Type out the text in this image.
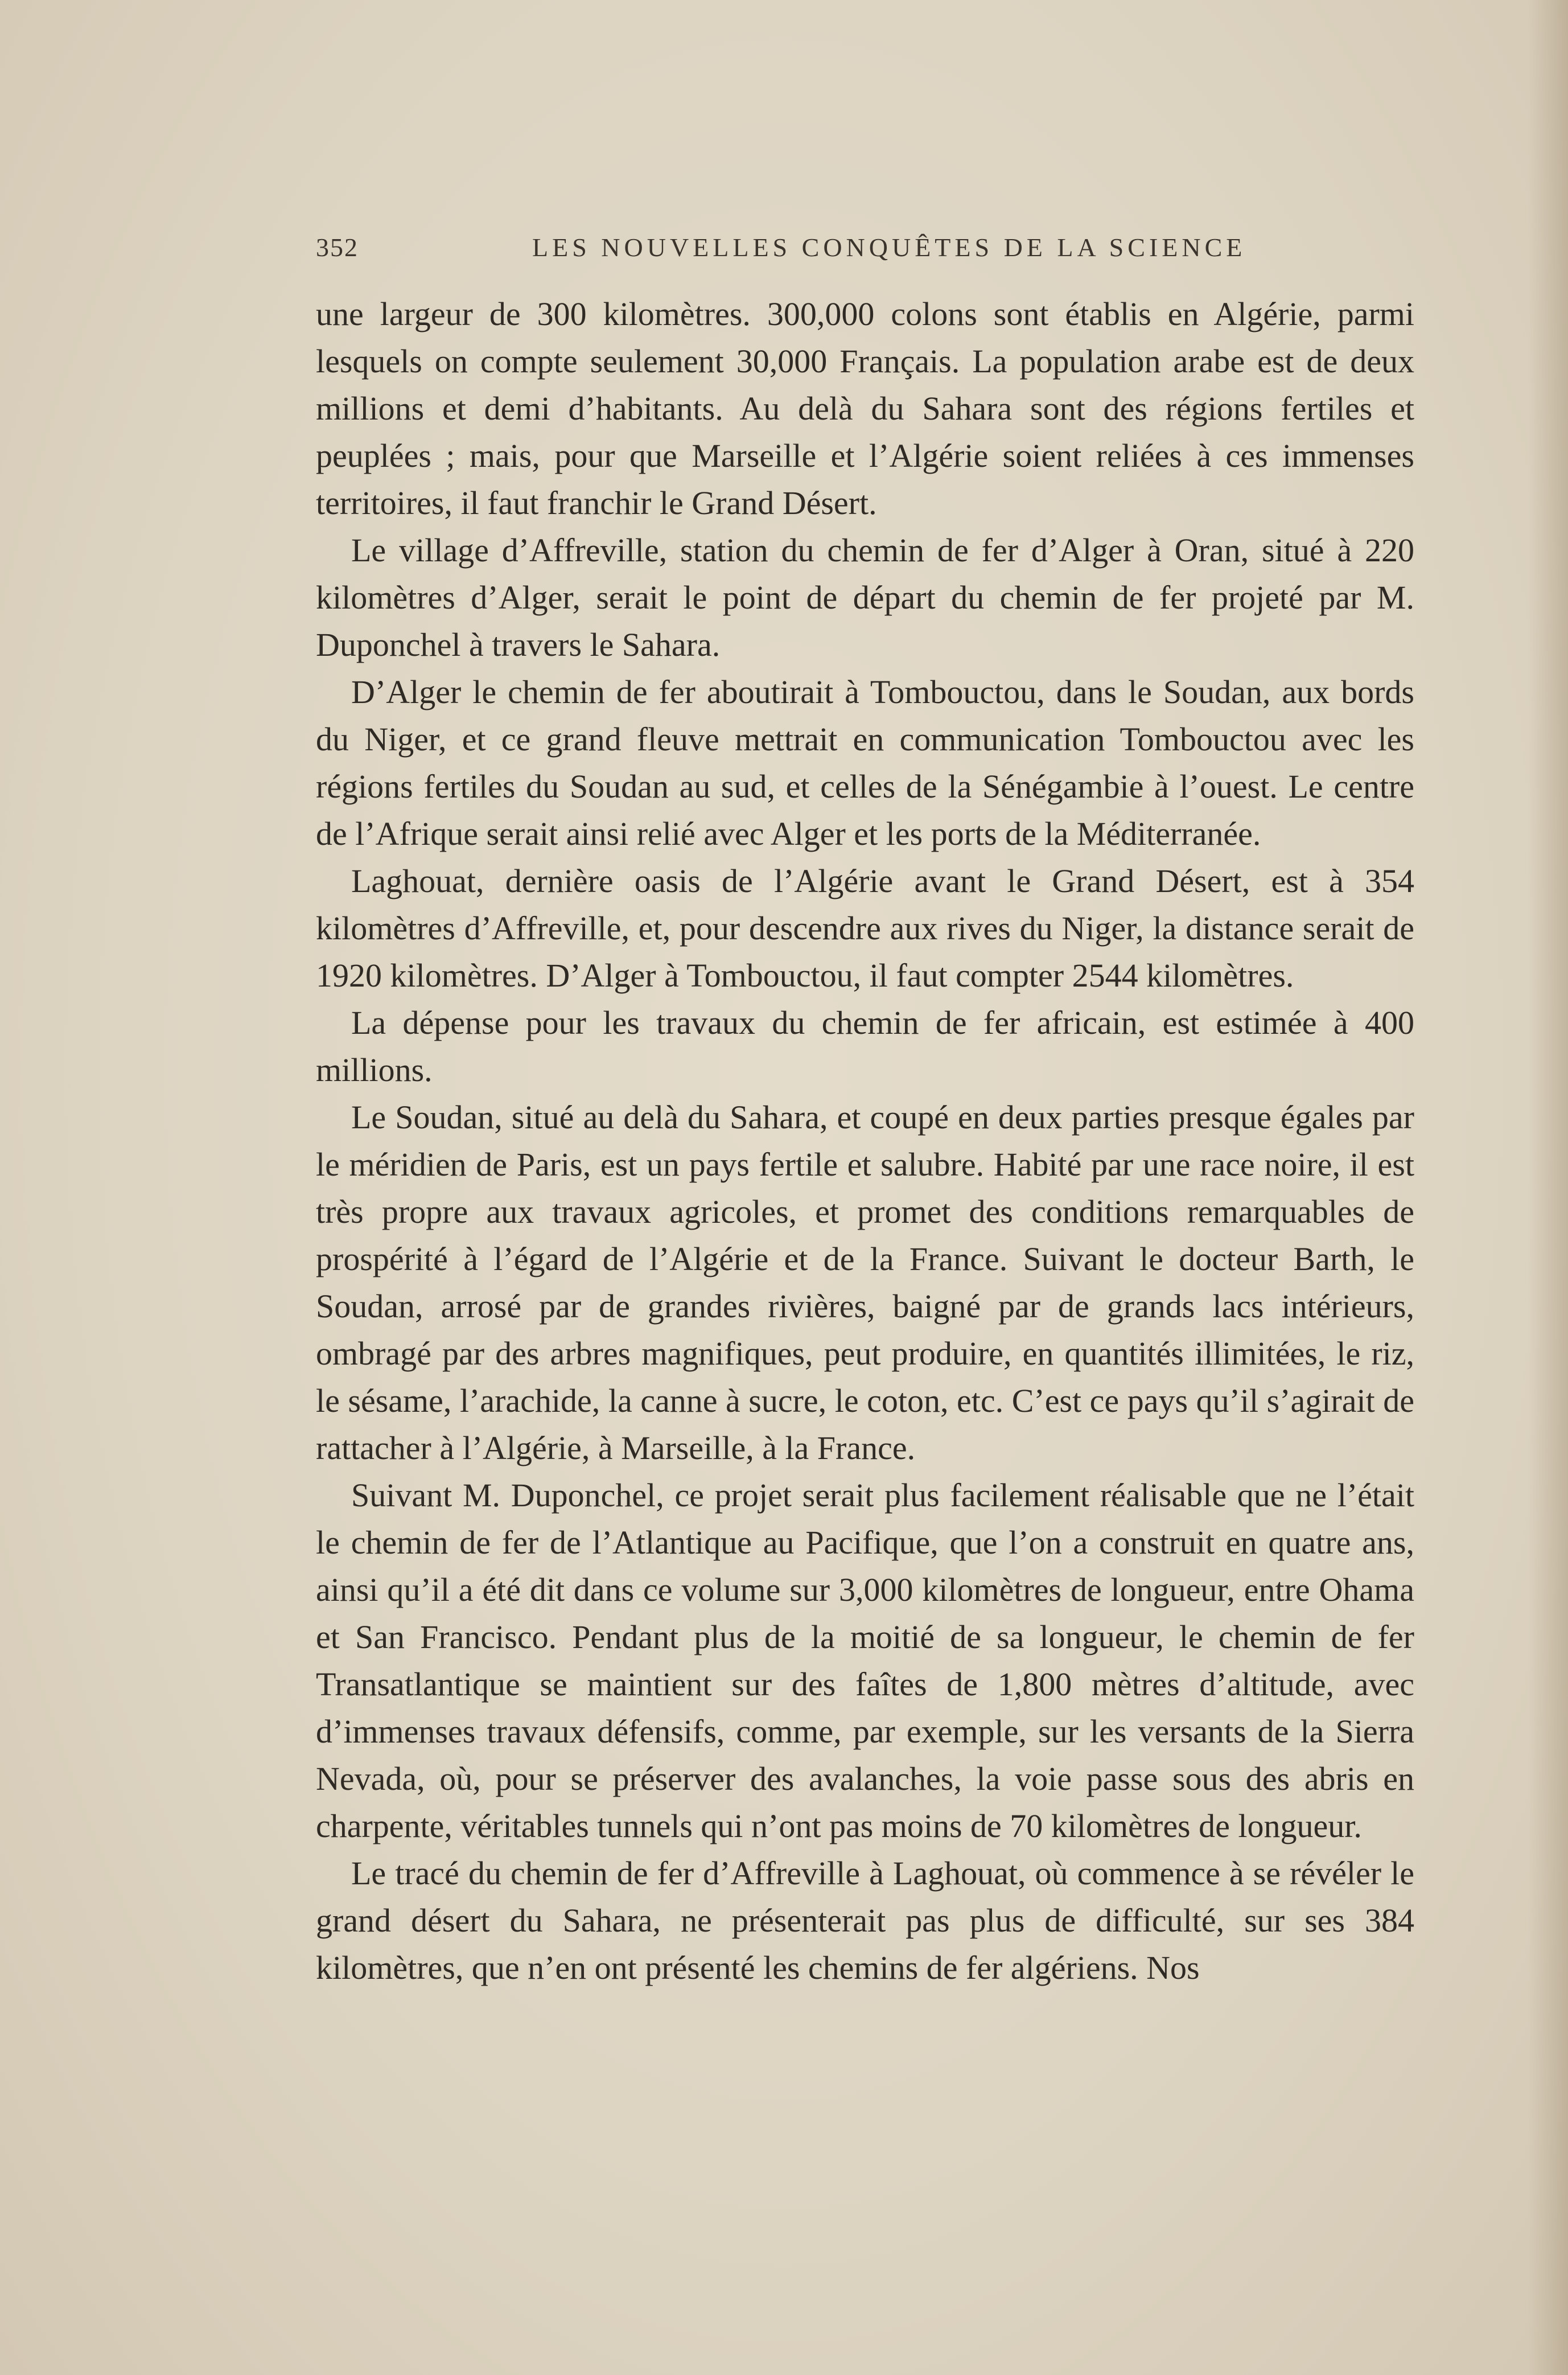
352	LES NOUVELLES CONQUÊTES DE LA SCIENCE

une largeur de 300 kilomètres. 300,000 colons sont établis en Algérie, parmi lesquels on compte seulement 30,000 Français. La population arabe est de deux millions et demi d’habitants. Au delà du Sahara sont des régions fertiles et peuplées ; mais, pour que Marseille et l’Algérie soient reliées à ces immenses territoires, il faut franchir le Grand Désert.

Le village d’Affreville, station du chemin de fer d’Alger à Oran, situé à 220 kilomètres d’Alger, serait le point de départ du chemin de fer projeté par M. Duponchel à travers le Sahara.

D’Alger le chemin de fer aboutirait à Tombouctou, dans le Soudan, aux bords du Niger, et ce grand fleuve mettrait en communication Tombouctou avec les régions fertiles du Soudan au sud, et celles de la Sénégambie à l’ouest. Le centre de l’Afrique serait ainsi relié avec Alger et les ports de la Méditerranée.

Laghouat, dernière oasis de l’Algérie avant le Grand Désert, est à 354 kilomètres d’Affreville, et, pour descendre aux rives du Niger, la distance serait de 1920 kilomètres. D’Alger à Tombouctou, il faut compter 2544 kilomètres.

La dépense pour les travaux du chemin de fer africain, est estimée à 400 millions.

Le Soudan, situé au delà du Sahara, et coupé en deux parties presque égales par le méridien de Paris, est un pays fertile et salubre. Habité par une race noire, il est très propre aux travaux agricoles, et promet des conditions remarquables de prospérité à l’égard de l’Algérie et de la France. Suivant le docteur Barth, le Soudan, arrosé par de grandes rivières, baigné par de grands lacs intérieurs, ombragé par des arbres magnifiques, peut produire, en quantités illimitées, le riz, le sésame, l’arachide, la canne à sucre, le coton, etc. C’est ce pays qu’il s’agirait de rattacher à l’Algérie, à Marseille, à la France.

Suivant M. Duponchel, ce projet serait plus facilement réalisable que ne l’était le chemin de fer de l’Atlantique au Pacifique, que l’on a construit en quatre ans, ainsi qu’il a été dit dans ce volume sur 3,000 kilomètres de longueur, entre Ohama et San Francisco. Pendant plus de la moitié de sa longueur, le chemin de fer Transatlantique se maintient sur des faîtes de 1,800 mètres d’altitude, avec d’immenses travaux défensifs, comme, par exemple, sur les versants de la Sierra Nevada, où, pour se préserver des avalanches, la voie passe sous des abris en charpente, véritables tunnels qui n’ont pas moins de 70 kilomètres de longueur.

Le tracé du chemin de fer d’Affreville à Laghouat, où commence à se révéler le grand désert du Sahara, ne présenterait pas plus de difficulté, sur ses 384 kilomètres, que n’en ont présenté les chemins de fer algériens. Nos
